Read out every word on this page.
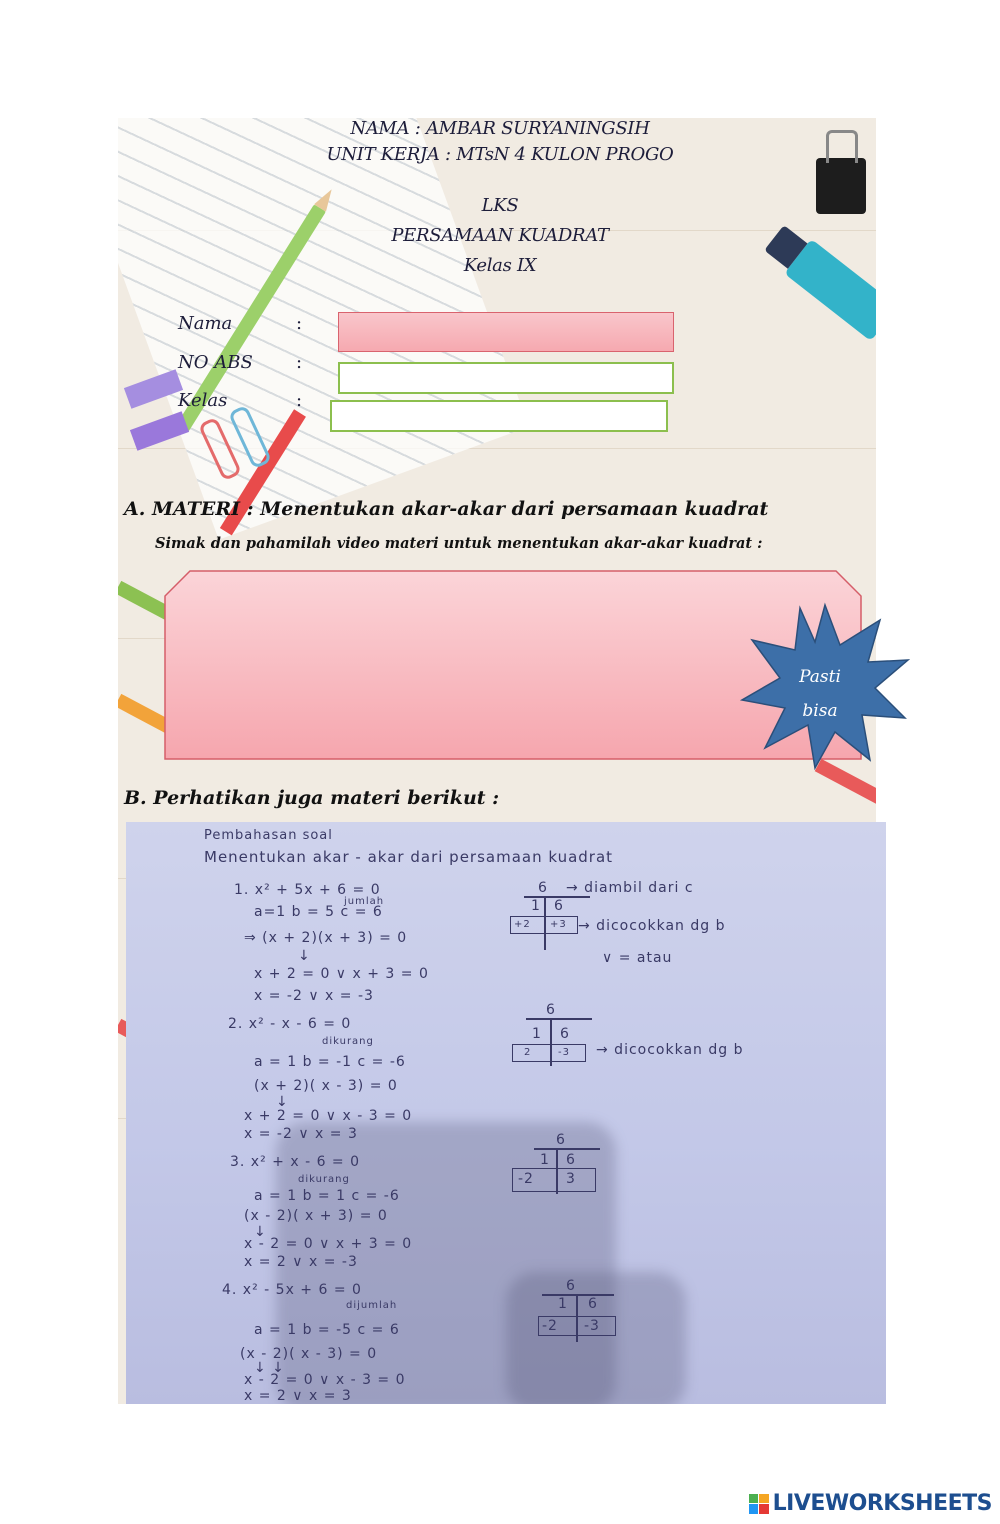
NAMA : AMBAR SURYANINGSIH
UNIT KERJA : MTsN 4 KULON PROGO
LKS
PERSAMAAN KUADRAT
Kelas IX
Nama	:
NO ABS :
Kelas	:
A. MATERI : Menentukan akar-akar dari persamaan kuadrat
Simak dan pahamilah video materi untuk menentukan akar-akar kuadrat :
Pasti
bisa
B. Perhatikan juga materi berikut :
Pembahasan soal
Menentukan akar - akar dari persamaan kuadrat
1. x² + 5x + 6 = 0
jumlah
a=1 b = 5 c = 6
⇒ (x + 2)(x + 3) = 0
↓
x + 2 = 0 ∨ x + 3 = 0
x = -2 ∨ x = -3
6
1 6
+2 +3
→ diambil dari c
→ dicocokkan dg b
∨ = atau
2. x² - x - 6 = 0
dikurang
a = 1 b = -1 c = -6
(x + 2)( x - 3) = 0
↓
x + 2 = 0 ∨ x - 3 = 0
x = -2 ∨ x = 3
6
1 6
2	-3 → dicocokkan dg b
3. x² + x - 6 = 0
dikurang
a = 1 b = 1 c = -6
(x - 2)( x + 3) = 0
↓
x - 2 = 0 ∨ x + 3 = 0
x = 2 ∨ x = -3
6
1 6
-2 3
4. x² - 5x + 6 = 0
dijumlah
a = 1 b = -5 c = 6
(x - 2)( x - 3) = 0
↓ ↓
x - 2 = 0 ∨ x - 3 = 0
x = 2 ∨ x = 3
6
1 6
-2 -3
LIVEWORKSHEETS
